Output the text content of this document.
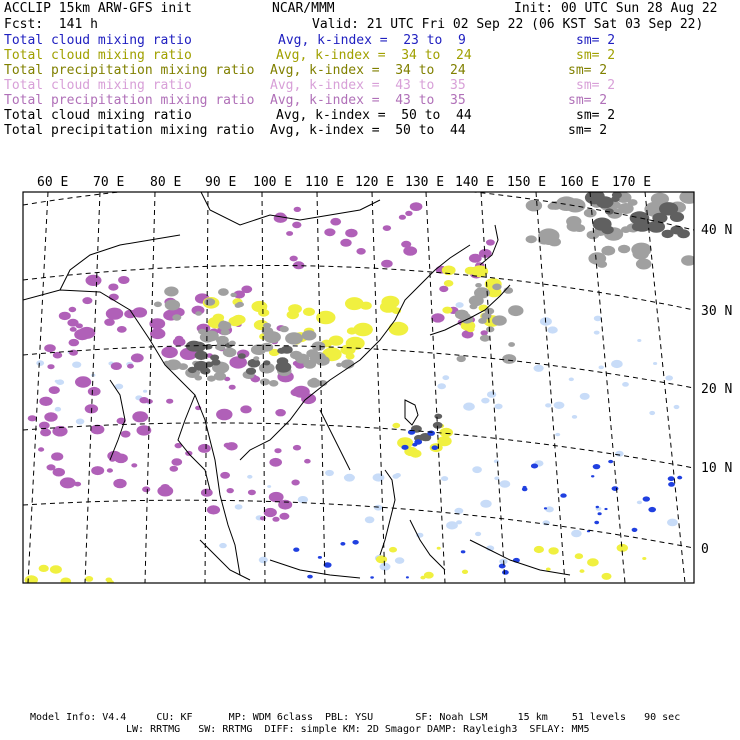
ACCLIP 15km ARW-GFS init	NCAR/MMM	Init: 00 UTC Sun 28 Aug 22
Fcst:  141 h	Valid: 21 UTC Fri 02 Sep 22 (06 KST Sat 03 Sep 22)
Total cloud mixing ratio	Avg, k-index =  23 to  9	sm= 2
Total cloud mixing ratio	Avg, k-index =  34 to  24	sm= 2
Total precipitation mixing ratio Avg, k-index =  34 to  24	sm= 2
Total cloud mixing ratio	Avg, k-index =  43 to  35	sm= 2
Total precipitation mixing ratio Avg, k-index =  43 to  35	sm= 2
Total cloud mixing ratio	Avg, k-index =  50 to  44	sm= 2
Total precipitation mixing ratio Avg, k-index =  50 to  44	sm= 2
60 E 70 E 80 E 90 E 100 E 110 E 120 E 130 E 140 E 150 E 160 E 170 E
40 N
30 N
20 N
10 N
0
Model Info: V4.4     CU: KF      MP: WDM 6class  PBL: YSU       SF: Noah LSM     15 km    51 levels   90 sec
LW: RRTMG   SW: RRTMG  DIFF: simple KM: 2D Smagor DAMP: Rayleigh3  SFLAY: MM5
